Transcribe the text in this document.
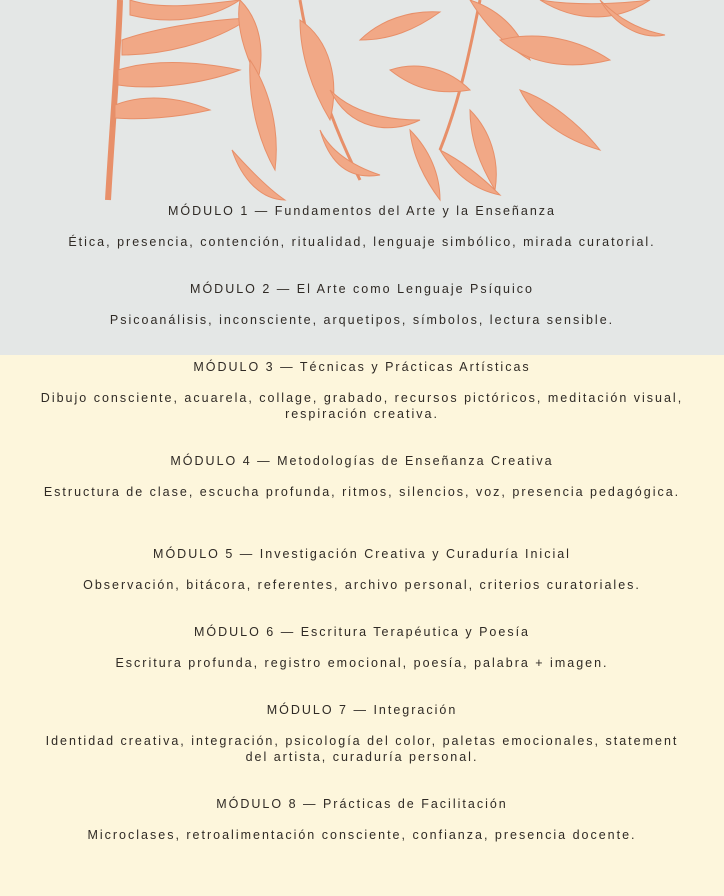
MÓDULO 1 — Fundamentos del Arte y la Enseñanza

Ética, presencia, contención, ritualidad, lenguaje simbólico, mirada curatorial.

MÓDULO 2 — El Arte como Lenguaje Psíquico

Psicoanálisis, inconsciente, arquetipos, símbolos, lectura sensible.

MÓDULO 3 — Técnicas y Prácticas Artísticas

Dibujo consciente, acuarela, collage, grabado, recursos pictóricos, meditación visual, respiración creativa.

MÓDULO 4 — Metodologías de Enseñanza Creativa

Estructura de clase, escucha profunda, ritmos, silencios, voz, presencia pedagógica.

MÓDULO 5 — Investigación Creativa y Curaduría Inicial

Observación, bitácora, referentes, archivo personal, criterios curatoriales.

MÓDULO 6 — Escritura Terapéutica y Poesía

Escritura profunda, registro emocional, poesía, palabra + imagen.

MÓDULO 7 — Integración

Identidad creativa, integración, psicología del color, paletas emocionales, statement del artista, curaduría personal.

MÓDULO 8 — Prácticas de Facilitación

Microclases, retroalimentación consciente, confianza, presencia docente.
